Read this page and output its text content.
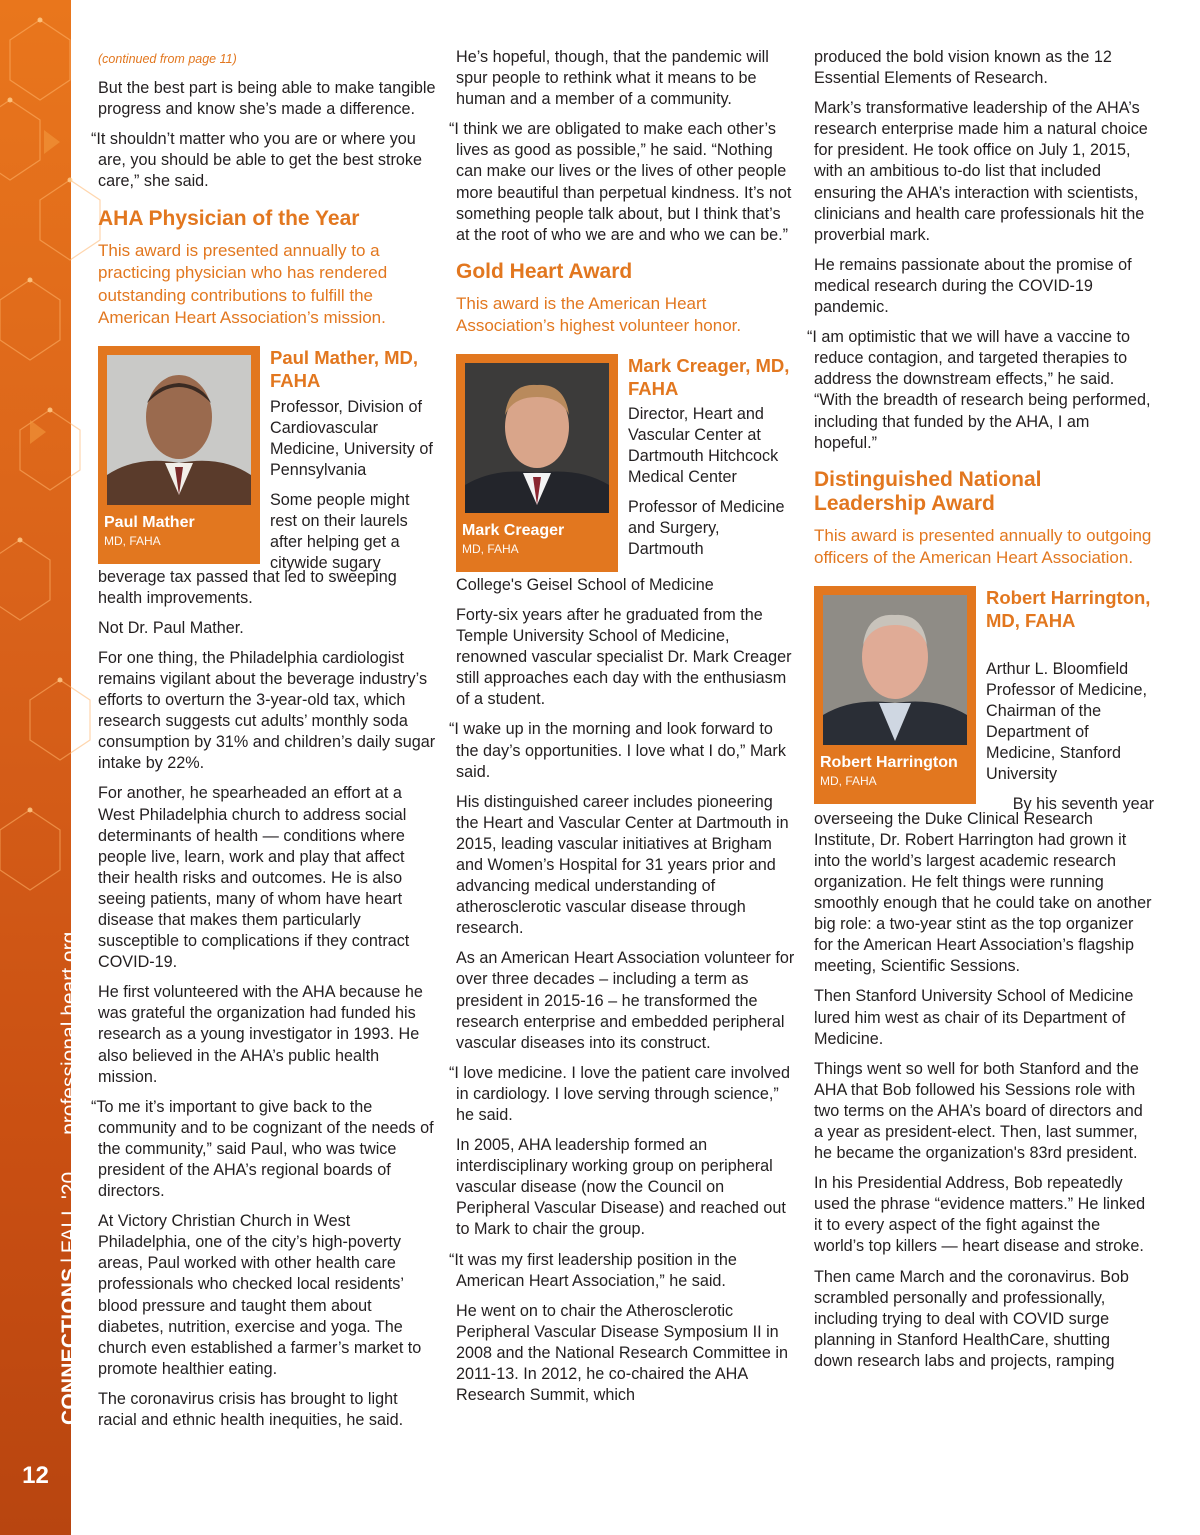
CONNECTIONS | FALL '20  professional.heart.org
12
(continued from page 11)

But the best part is being able to make tangible progress and know she’s made a difference.

“It shouldn’t matter who you are or where you are, you should be able to get the best stroke care,” she said.

AHA Physician of the Year
This award is presented annually to a practicing physician who has rendered outstanding contributions to fulfill the American Heart Association’s mission.
Paul Mather
MD, FAHA
Paul Mather, MD, FAHA

Professor, Division of Cardiovascular Medicine, University of Pennsylvania

Some people might rest on their laurels after helping get a citywide sugary

beverage tax passed that led to sweeping health improvements.

Not Dr. Paul Mather.

For one thing, the Philadelphia cardiologist remains vigilant about the beverage industry’s efforts to overturn the 3-year-old tax, which research suggests cut adults’ monthly soda consumption by 31% and children’s daily sugar intake by 22%.

For another, he spearheaded an effort at a West Philadelphia church to address social determinants of health — conditions where people live, learn, work and play that affect their health risks and outcomes. He is also seeing patients, many of whom have heart disease that makes them particularly susceptible to complications if they contract COVID-19.

He first volunteered with the AHA because he was grateful the organization had funded his research as a young investigator in 1993. He also believed in the AHA’s public health mission.

“To me it’s important to give back to the community and to be cognizant of the needs of the community,” said Paul, who was twice president of the AHA’s regional boards of directors.

At Victory Christian Church in West Philadelphia, one of the city’s high-poverty areas, Paul worked with other health care professionals who checked local residents’ blood pressure and taught them about diabetes, nutrition, exercise and yoga. The church even established a farmer’s market to promote healthier eating.

The coronavirus crisis has brought to light racial and ethnic health inequities, he said.

He’s hopeful, though, that the pandemic will spur people to rethink what it means to be human and a member of a community.

“I think we are obligated to make each other’s lives as good as possible,” he said. “Nothing can make our lives or the lives of other people more beautiful than perpetual kindness. It’s not something people talk about, but I think that’s at the root of who we are and who we can be.”

Gold Heart Award
This award is the American Heart Association’s highest volunteer honor.
Mark Creager
MD, FAHA
Mark Creager, MD, FAHA

Director, Heart and Vascular Center at Dartmouth Hitchcock Medical Center

Professor of Medicine and Surgery, Dartmouth

College's Geisel School of Medicine

Forty-six years after he graduated from the Temple University School of Medicine, renowned vascular specialist Dr. Mark Creager still approaches each day with the enthusiasm of a student.

“I wake up in the morning and look forward to the day’s opportunities. I love what I do,” Mark said.

His distinguished career includes pioneering the Heart and Vascular Center at Dartmouth in 2015, leading vascular initiatives at Brigham and Women’s Hospital for 31 years prior and advancing medical understanding of atherosclerotic vascular disease through research.

As an American Heart Association volunteer for over three decades – including a term as president in 2015-16 – he transformed the research enterprise and embedded peripheral vascular diseases into its construct.

“I love medicine. I love the patient care involved in cardiology. I love serving through science,” he said.

In 2005, AHA leadership formed an interdisciplinary working group on peripheral vascular disease (now the Council on Peripheral Vascular Disease) and reached out to Mark to chair the group.

“It was my first leadership position in the American Heart Association,” he said.

He went on to chair the Atherosclerotic Peripheral Vascular Disease Symposium II in 2008 and the National Research Committee in 2011-13. In 2012, he co-chaired the AHA Research Summit, which

produced the bold vision known as the 12 Essential Elements of Research.

Mark’s transformative leadership of the AHA’s research enterprise made him a natural choice for president. He took office on July 1, 2015, with an ambitious to-do list that included ensuring the AHA’s interaction with scientists, clinicians and health care professionals hit the proverbial mark.

He remains passionate about the promise of medical research during the COVID-19 pandemic.

“I am optimistic that we will have a vaccine to reduce contagion, and targeted therapies to address the downstream effects,” he said. “With the breadth of research being performed, including that funded by the AHA, I am hopeful.”

Distinguished National Leadership Award
This award is presented annually to outgoing officers of the American Heart Association.
Robert Harrington
MD, FAHA
Robert Harrington, MD, FAHA

Arthur L. Bloomfield Professor of Medicine, Chairman of the Department of Medicine, Stanford University

By his seventh year

overseeing the Duke Clinical Research Institute, Dr. Robert Harrington had grown it into the world’s largest academic research organization. He felt things were running smoothly enough that he could take on another big role: a two-year stint as the top organizer for the American Heart Association’s flagship meeting, Scientific Sessions.

Then Stanford University School of Medicine lured him west as chair of its Department of Medicine.

Things went so well for both Stanford and the AHA that Bob followed his Sessions role with two terms on the AHA’s board of directors and a year as president-elect. Then, last summer, he became the organization's 83rd president.

In his Presidential Address, Bob repeatedly used the phrase “evidence matters.” He linked it to every aspect of the fight against the world’s top killers — heart disease and stroke.

Then came March and the coronavirus. Bob scrambled personally and professionally, including trying to deal with COVID surge planning in Stanford HealthCare, shutting down research labs and projects, ramping
